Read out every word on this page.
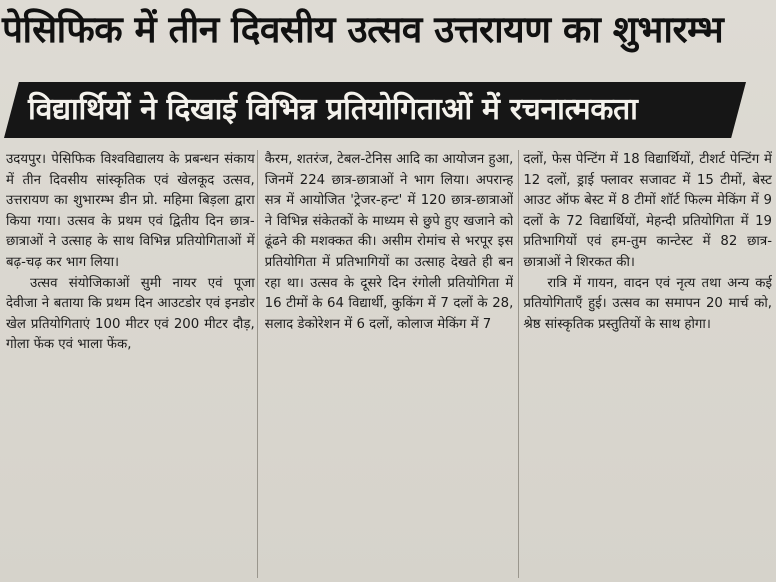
पेसिफिक में तीन दिवसीय उत्सव उत्तरायण का शुभारम्भ
विद्यार्थियों ने दिखाई विभिन्न प्रतियोगिताओं में रचनात्मकता

उदयपुर। पेसिफिक विश्वविद्यालय के प्रबन्धन संकाय में तीन दिवसीय सांस्कृतिक एवं खेलकूद उत्सव, उत्तरायण का शुभारम्भ डीन प्रो. महिमा बिड़ला द्वारा किया गया। उत्सव के प्रथम एवं द्वितीय दिन छात्र-छात्राओं ने उत्साह के साथ विभिन्न प्रतियोगिताओं में बढ़-चढ़ कर भाग लिया।

उत्सव संयोजिकाओं सुमी नायर एवं पूजा देवीजा ने बताया कि प्रथम दिन आउटडोर एवं इनडोर खेल प्रतियोगिताएं 100 मीटर एवं 200 मीटर दौड़, गोला फेंक एवं भाला फेंक,

कैरम, शतरंज, टेबल-टेनिस आदि का आयोजन हुआ, जिनमें 224 छात्र-छात्राओं ने भाग लिया। अपरान्ह सत्र में आयोजित 'ट्रेजर-हन्ट' में 120 छात्र-छात्राओं ने विभिन्न संकेतकों के माध्यम से छुपे हुए खजाने को ढूंढने की मशक्कत की। असीम रोमांच से भरपूर इस प्रतियोगिता में प्रतिभागियों का उत्साह देखते ही बन रहा था। उत्सव के दूसरे दिन रंगोली प्रतियोगिता में 16 टीमों के 64 विद्यार्थी, कुकिंग में 7 दलों के 28, सलाद डेकोरेशन में 6 दलों, कोलाज मेकिंग में 7

दलों, फेस पेन्टिंग में 18 विद्यार्थियों, टीशर्ट पेन्टिंग में 12 दलों, ड्राई फ्लावर सजावट में 15 टीमों, बेस्ट आउट ऑफ बेस्ट में 8 टीमों शॉर्ट फिल्म मेकिंग में 9 दलों के 72 विद्यार्थियों, मेहन्दी प्रतियोगिता में 19 प्रतिभागियों एवं हम-तुम कान्टेस्ट में 82 छात्र-छात्राओं ने शिरकत की।

रात्रि में गायन, वादन एवं नृत्य तथा अन्य कई प्रतियोगिताएँ हुई। उत्सव का समापन 20 मार्च को, श्रेष्ठ सांस्कृतिक प्रस्तुतियों के साथ होगा।
